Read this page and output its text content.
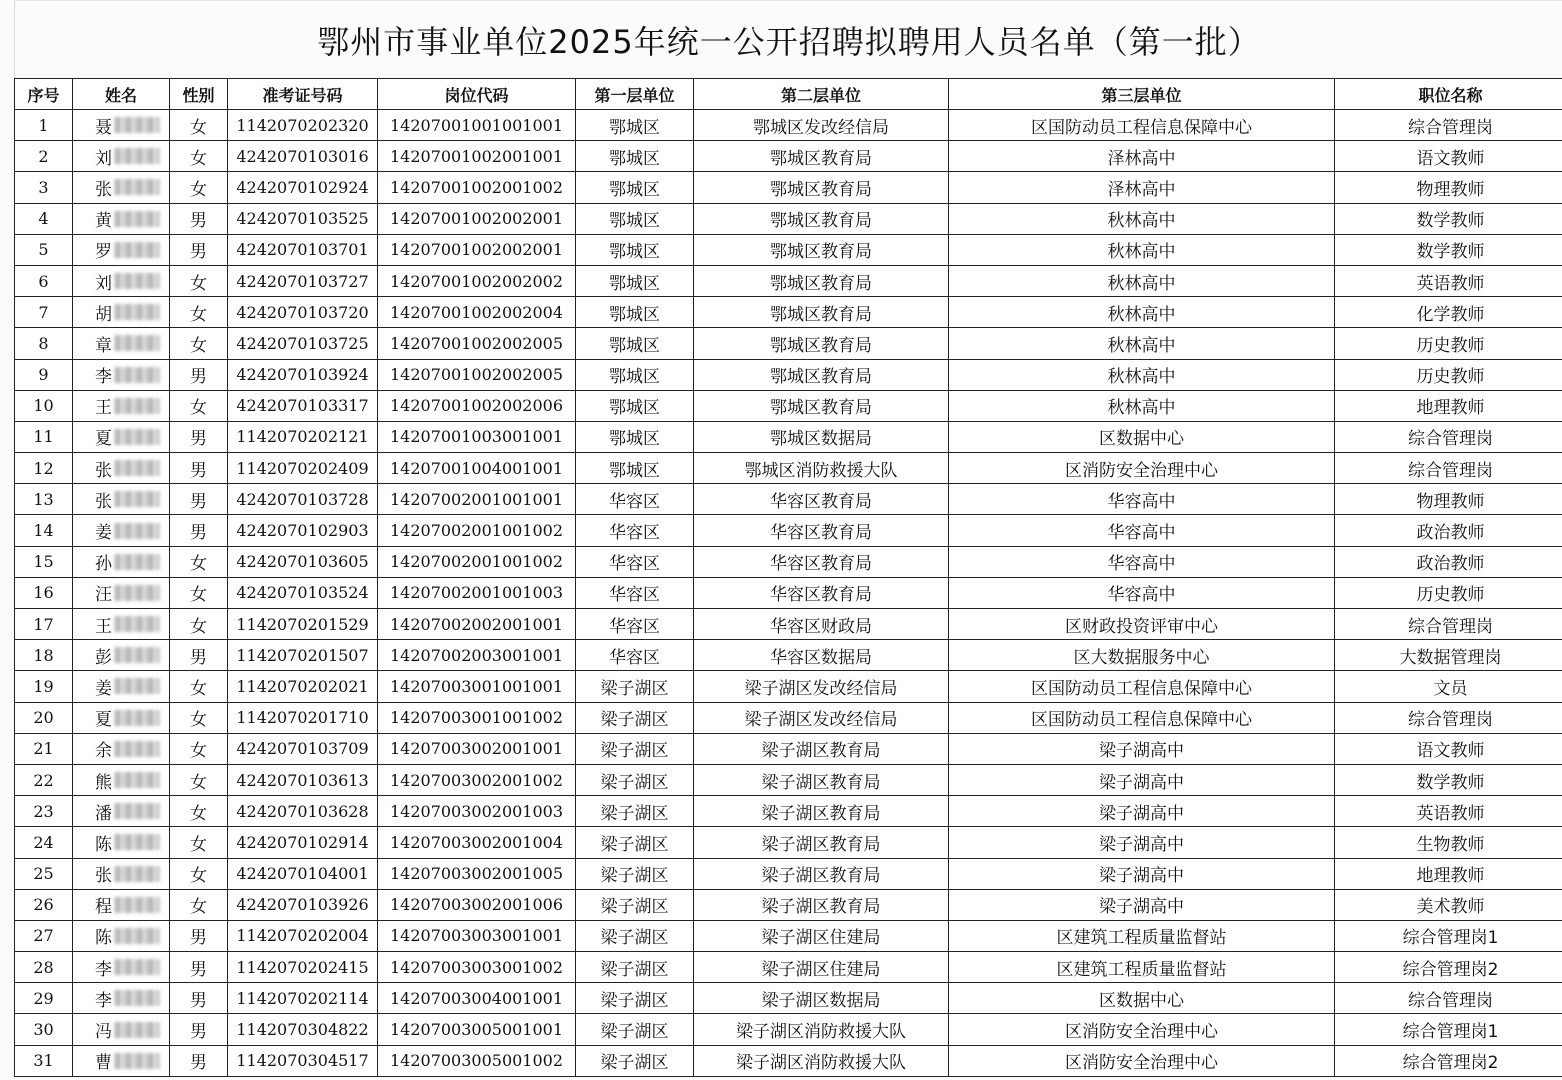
鄂州市事业单位2025年统一公开招聘拟聘用人员名单（第一批）
序号	姓名	性别	准考证号码	岗位代码	第一层单位	第二层单位	第三层单位	职位名称
1	聂	女	1142070202320	14207001001001001	鄂城区	鄂城区发改经信局	区国防动员工程信息保障中心	综合管理岗
2	刘	女	4242070103016	14207001002001001	鄂城区	鄂城区教育局	泽林高中	语文教师
3	张	女	4242070102924	14207001002001002	鄂城区	鄂城区教育局	泽林高中	物理教师
4	黄	男	4242070103525	14207001002002001	鄂城区	鄂城区教育局	秋林高中	数学教师
5	罗	男	4242070103701	14207001002002001	鄂城区	鄂城区教育局	秋林高中	数学教师
6	刘	女	4242070103727	14207001002002002	鄂城区	鄂城区教育局	秋林高中	英语教师
7	胡	女	4242070103720	14207001002002004	鄂城区	鄂城区教育局	秋林高中	化学教师
8	章	女	4242070103725	14207001002002005	鄂城区	鄂城区教育局	秋林高中	历史教师
9	李	男	4242070103924	14207001002002005	鄂城区	鄂城区教育局	秋林高中	历史教师
10	王	女	4242070103317	14207001002002006	鄂城区	鄂城区教育局	秋林高中	地理教师
11	夏	男	1142070202121	14207001003001001	鄂城区	鄂城区数据局	区数据中心	综合管理岗
12	张	男	1142070202409	14207001004001001	鄂城区	鄂城区消防救援大队	区消防安全治理中心	综合管理岗
13	张	男	4242070103728	14207002001001001	华容区	华容区教育局	华容高中	物理教师
14	姜	男	4242070102903	14207002001001002	华容区	华容区教育局	华容高中	政治教师
15	孙	女	4242070103605	14207002001001002	华容区	华容区教育局	华容高中	政治教师
16	汪	女	4242070103524	14207002001001003	华容区	华容区教育局	华容高中	历史教师
17	王	女	1142070201529	14207002002001001	华容区	华容区财政局	区财政投资评审中心	综合管理岗
18	彭	男	1142070201507	14207002003001001	华容区	华容区数据局	区大数据服务中心	大数据管理岗
19	姜	女	1142070202021	14207003001001001	梁子湖区	梁子湖区发改经信局	区国防动员工程信息保障中心	文员
20	夏	女	1142070201710	14207003001001002	梁子湖区	梁子湖区发改经信局	区国防动员工程信息保障中心	综合管理岗
21	余	女	4242070103709	14207003002001001	梁子湖区	梁子湖区教育局	梁子湖高中	语文教师
22	熊	女	4242070103613	14207003002001002	梁子湖区	梁子湖区教育局	梁子湖高中	数学教师
23	潘	女	4242070103628	14207003002001003	梁子湖区	梁子湖区教育局	梁子湖高中	英语教师
24	陈	女	4242070102914	14207003002001004	梁子湖区	梁子湖区教育局	梁子湖高中	生物教师
25	张	女	4242070104001	14207003002001005	梁子湖区	梁子湖区教育局	梁子湖高中	地理教师
26	程	女	4242070103926	14207003002001006	梁子湖区	梁子湖区教育局	梁子湖高中	美术教师
27	陈	男	1142070202004	14207003003001001	梁子湖区	梁子湖区住建局	区建筑工程质量监督站	综合管理岗1
28	李	男	1142070202415	14207003003001002	梁子湖区	梁子湖区住建局	区建筑工程质量监督站	综合管理岗2
29	李	男	1142070202114	14207003004001001	梁子湖区	梁子湖区数据局	区数据中心	综合管理岗
30	冯	男	1142070304822	14207003005001001	梁子湖区	梁子湖区消防救援大队	区消防安全治理中心	综合管理岗1
31	曹	男	1142070304517	14207003005001002	梁子湖区	梁子湖区消防救援大队	区消防安全治理中心	综合管理岗2
